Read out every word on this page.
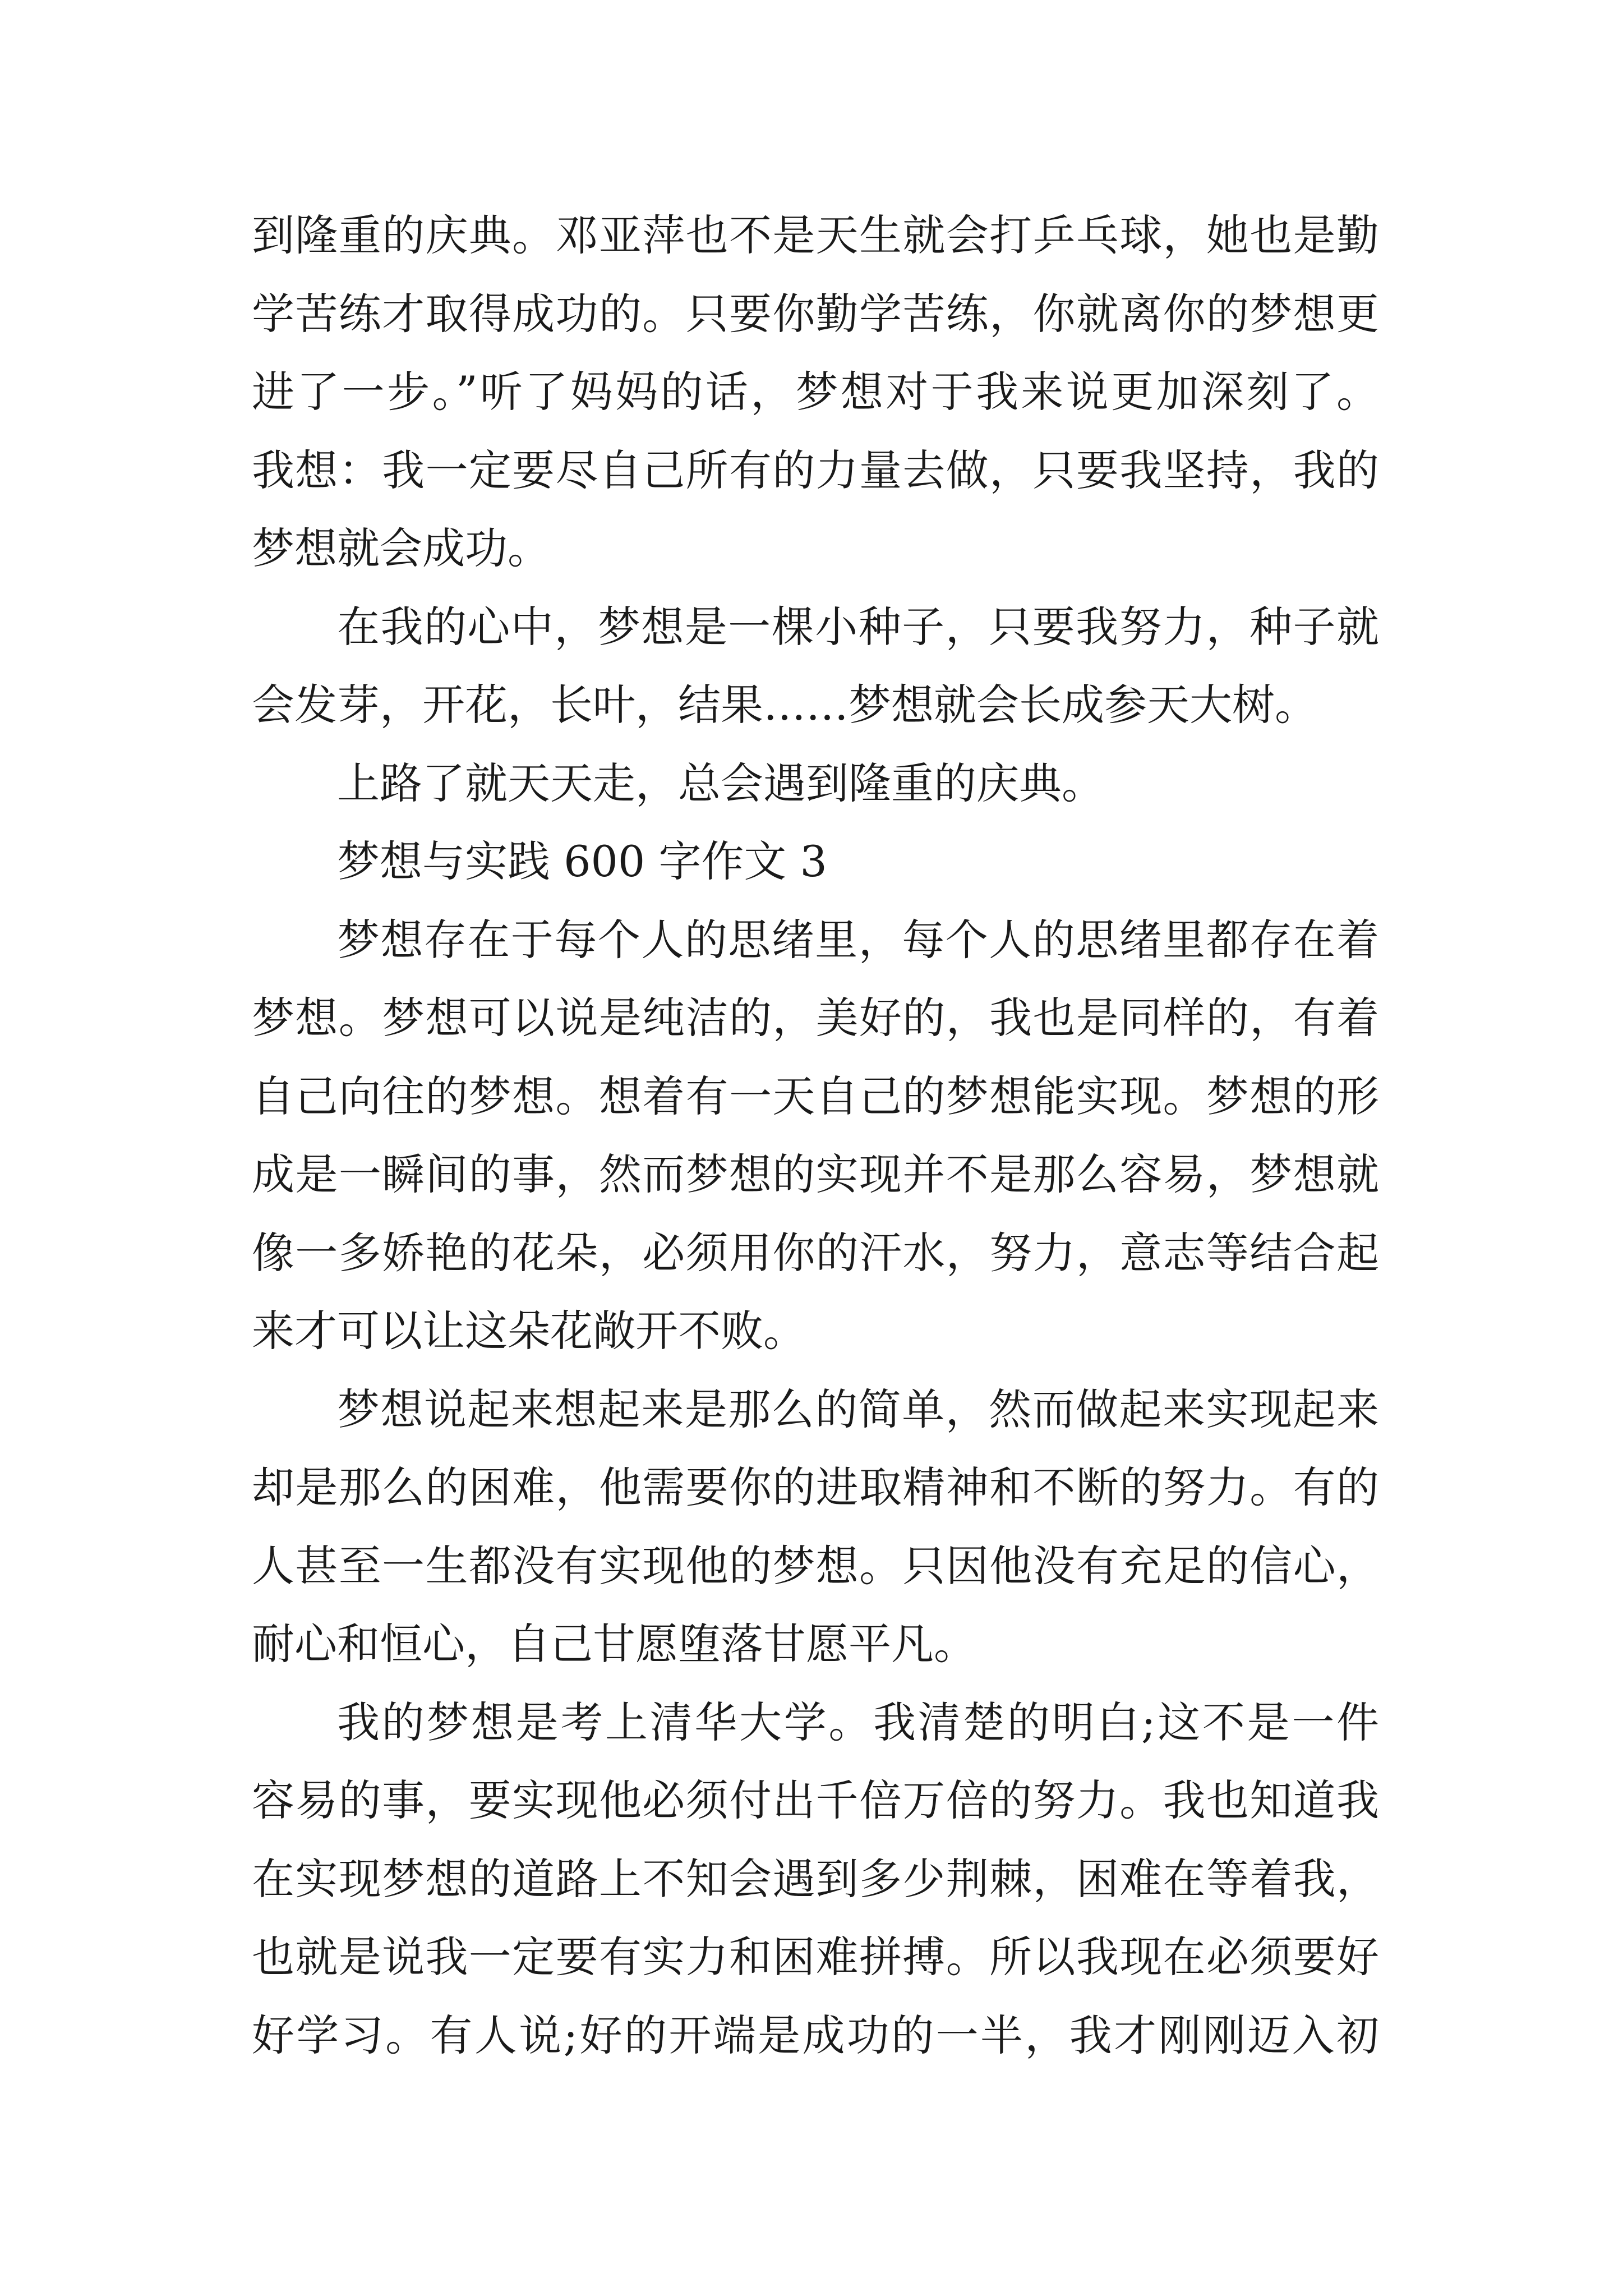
到隆重的庆典。邓亚萍也不是天生就会打乒乓球，她也是勤
学苦练才取得成功的。只要你勤学苦练，你就离你的梦想更
进了一步。”听了妈妈的话，梦想对于我来说更加深刻了。
我想：我一定要尽自己所有的力量去做，只要我坚持，我的
梦想就会成功。
在我的心中，梦想是一棵小种子，只要我努力，种子就
会发芽，开花，长叶，结果……梦想就会长成参天大树。
上路了就天天走，总会遇到隆重的庆典。
梦想与实践 600 字作文 3
梦想存在于每个人的思绪里，每个人的思绪里都存在着
梦想。梦想可以说是纯洁的，美好的，我也是同样的，有着
自己向往的梦想。想着有一天自己的梦想能实现。梦想的形
成是一瞬间的事，然而梦想的实现并不是那么容易，梦想就
像一多娇艳的花朵，必须用你的汗水，努力，意志等结合起
来才可以让这朵花敞开不败。
梦想说起来想起来是那么的简单，然而做起来实现起来
却是那么的困难，他需要你的进取精神和不断的努力。有的
人甚至一生都没有实现他的梦想。只因他没有充足的信心，
耐心和恒心，自己甘愿堕落甘愿平凡。
我的梦想是考上清华大学。我清楚的明白;这不是一件
容易的事，要实现他必须付出千倍万倍的努力。我也知道我
在实现梦想的道路上不知会遇到多少荆棘，困难在等着我，
也就是说我一定要有实力和困难拼搏。所以我现在必须要好
好学习。有人说;好的开端是成功的一半，我才刚刚迈入初
